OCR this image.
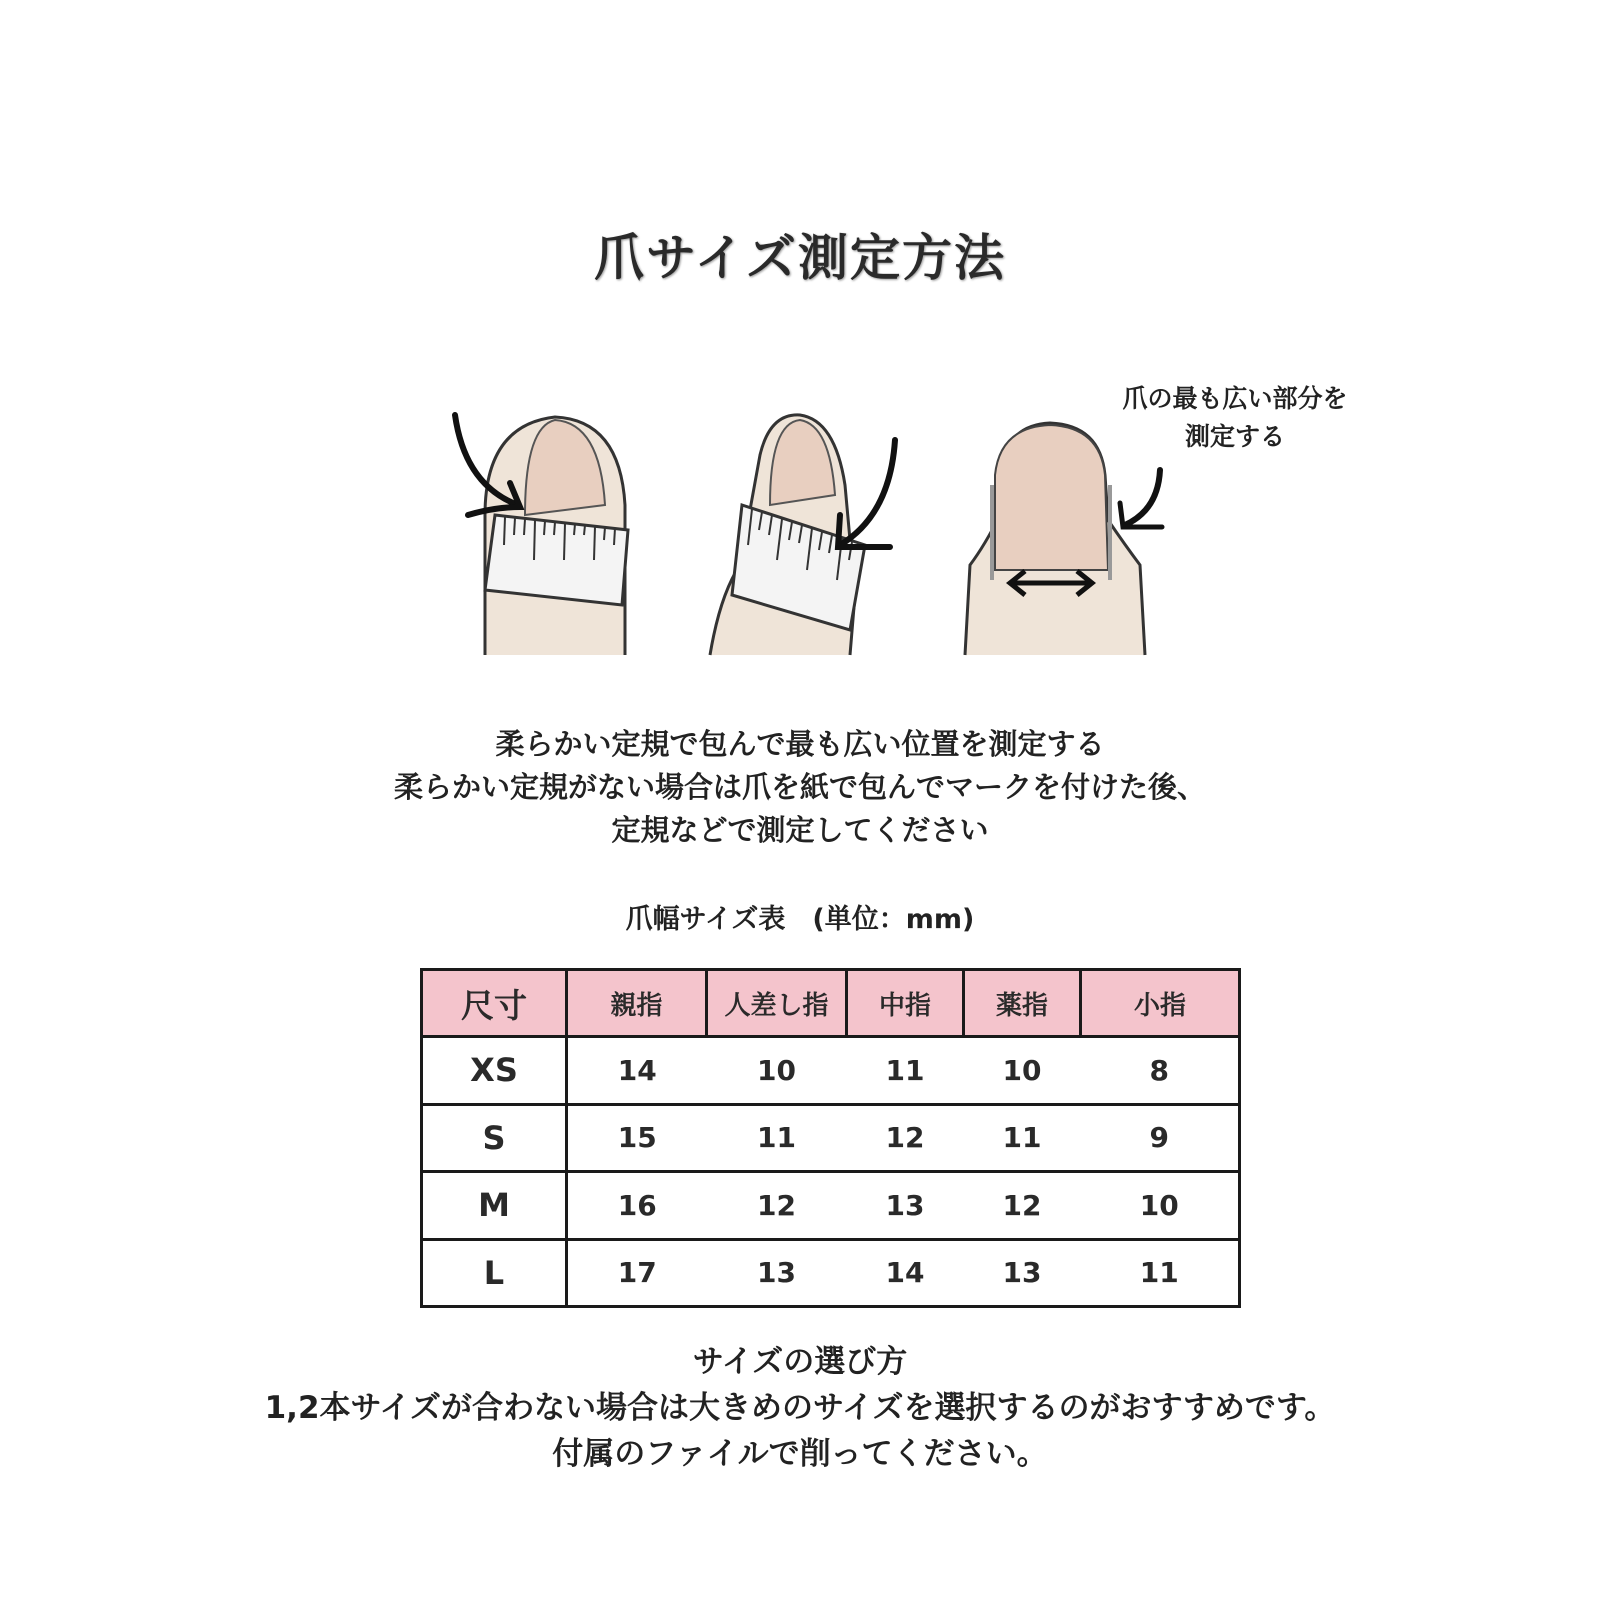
爪サイズ測定方法
爪の最も広い部分を
測定する
柔らかい定規で包んで最も広い位置を測定する
柔らかい定規がない場合は爪を紙で包んでマークを付けた後、
定規などで測定してください
爪幅サイズ表　(単位：mm)
尺寸	親指	人差し指	中指	薬指	小指
XS	14	10	11	10	8
S	15	11	12	11	9
M	16	12	13	12	10
L	17	13	14	13	11
サイズの選び方
1,2本サイズが合わない場合は大きめのサイズを選択するのがおすすめです。
付属のファイルで削ってください。
